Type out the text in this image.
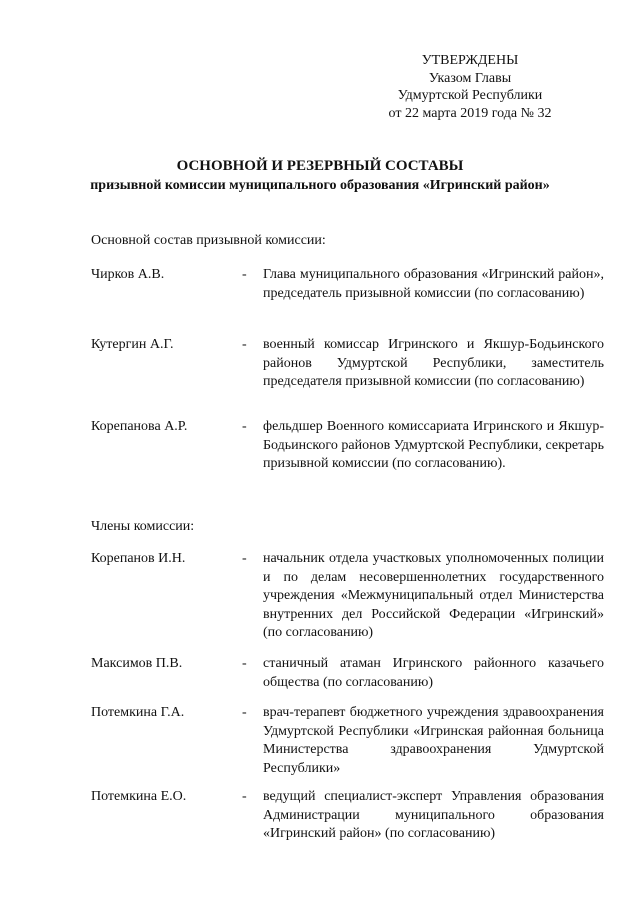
УТВЕРЖДЕНЫ
Указом Главы
Удмуртской Республики
от 22 марта 2019 года № 32
ОСНОВНОЙ И РЕЗЕРВНЫЙ СОСТАВЫ
призывной комиссии муниципального образования «Игринский район»
Основной состав призывной комиссии:
Чирков А.В.	- Глава муниципального образования «Игринский район», председатель призывной комиссии (по согласованию)
Кутергин А.Г.	- военный комиссар Игринского и Якшур-Бодьинского районов Удмуртской Республики, заместитель председателя призывной комиссии (по согласованию)
Корепанова А.Р.	- фельдшер Военного комиссариата Игринского и Якшур-Бодьинского районов Удмуртской Республики, секретарь призывной комиссии (по согласованию).
Члены комиссии:
Корепанов И.Н.	- начальник отдела участковых уполномоченных полиции и по делам несовершеннолетних государственного учреждения «Межмуниципальный отдел Министерства внутренних дел Российской Федерации «Игринский» (по согласованию)
Максимов П.В.	- станичный атаман Игринского районного казачьего общества (по согласованию)
Потемкина Г.А.	- врач-терапевт бюджетного учреждения здравоохранения Удмуртской Республики «Игринская районная больница Министерства здравоохранения Удмуртской Республики»
Потемкина Е.О.	- ведущий специалист-эксперт Управления образования Администрации муниципального образования «Игринский район» (по согласованию)
